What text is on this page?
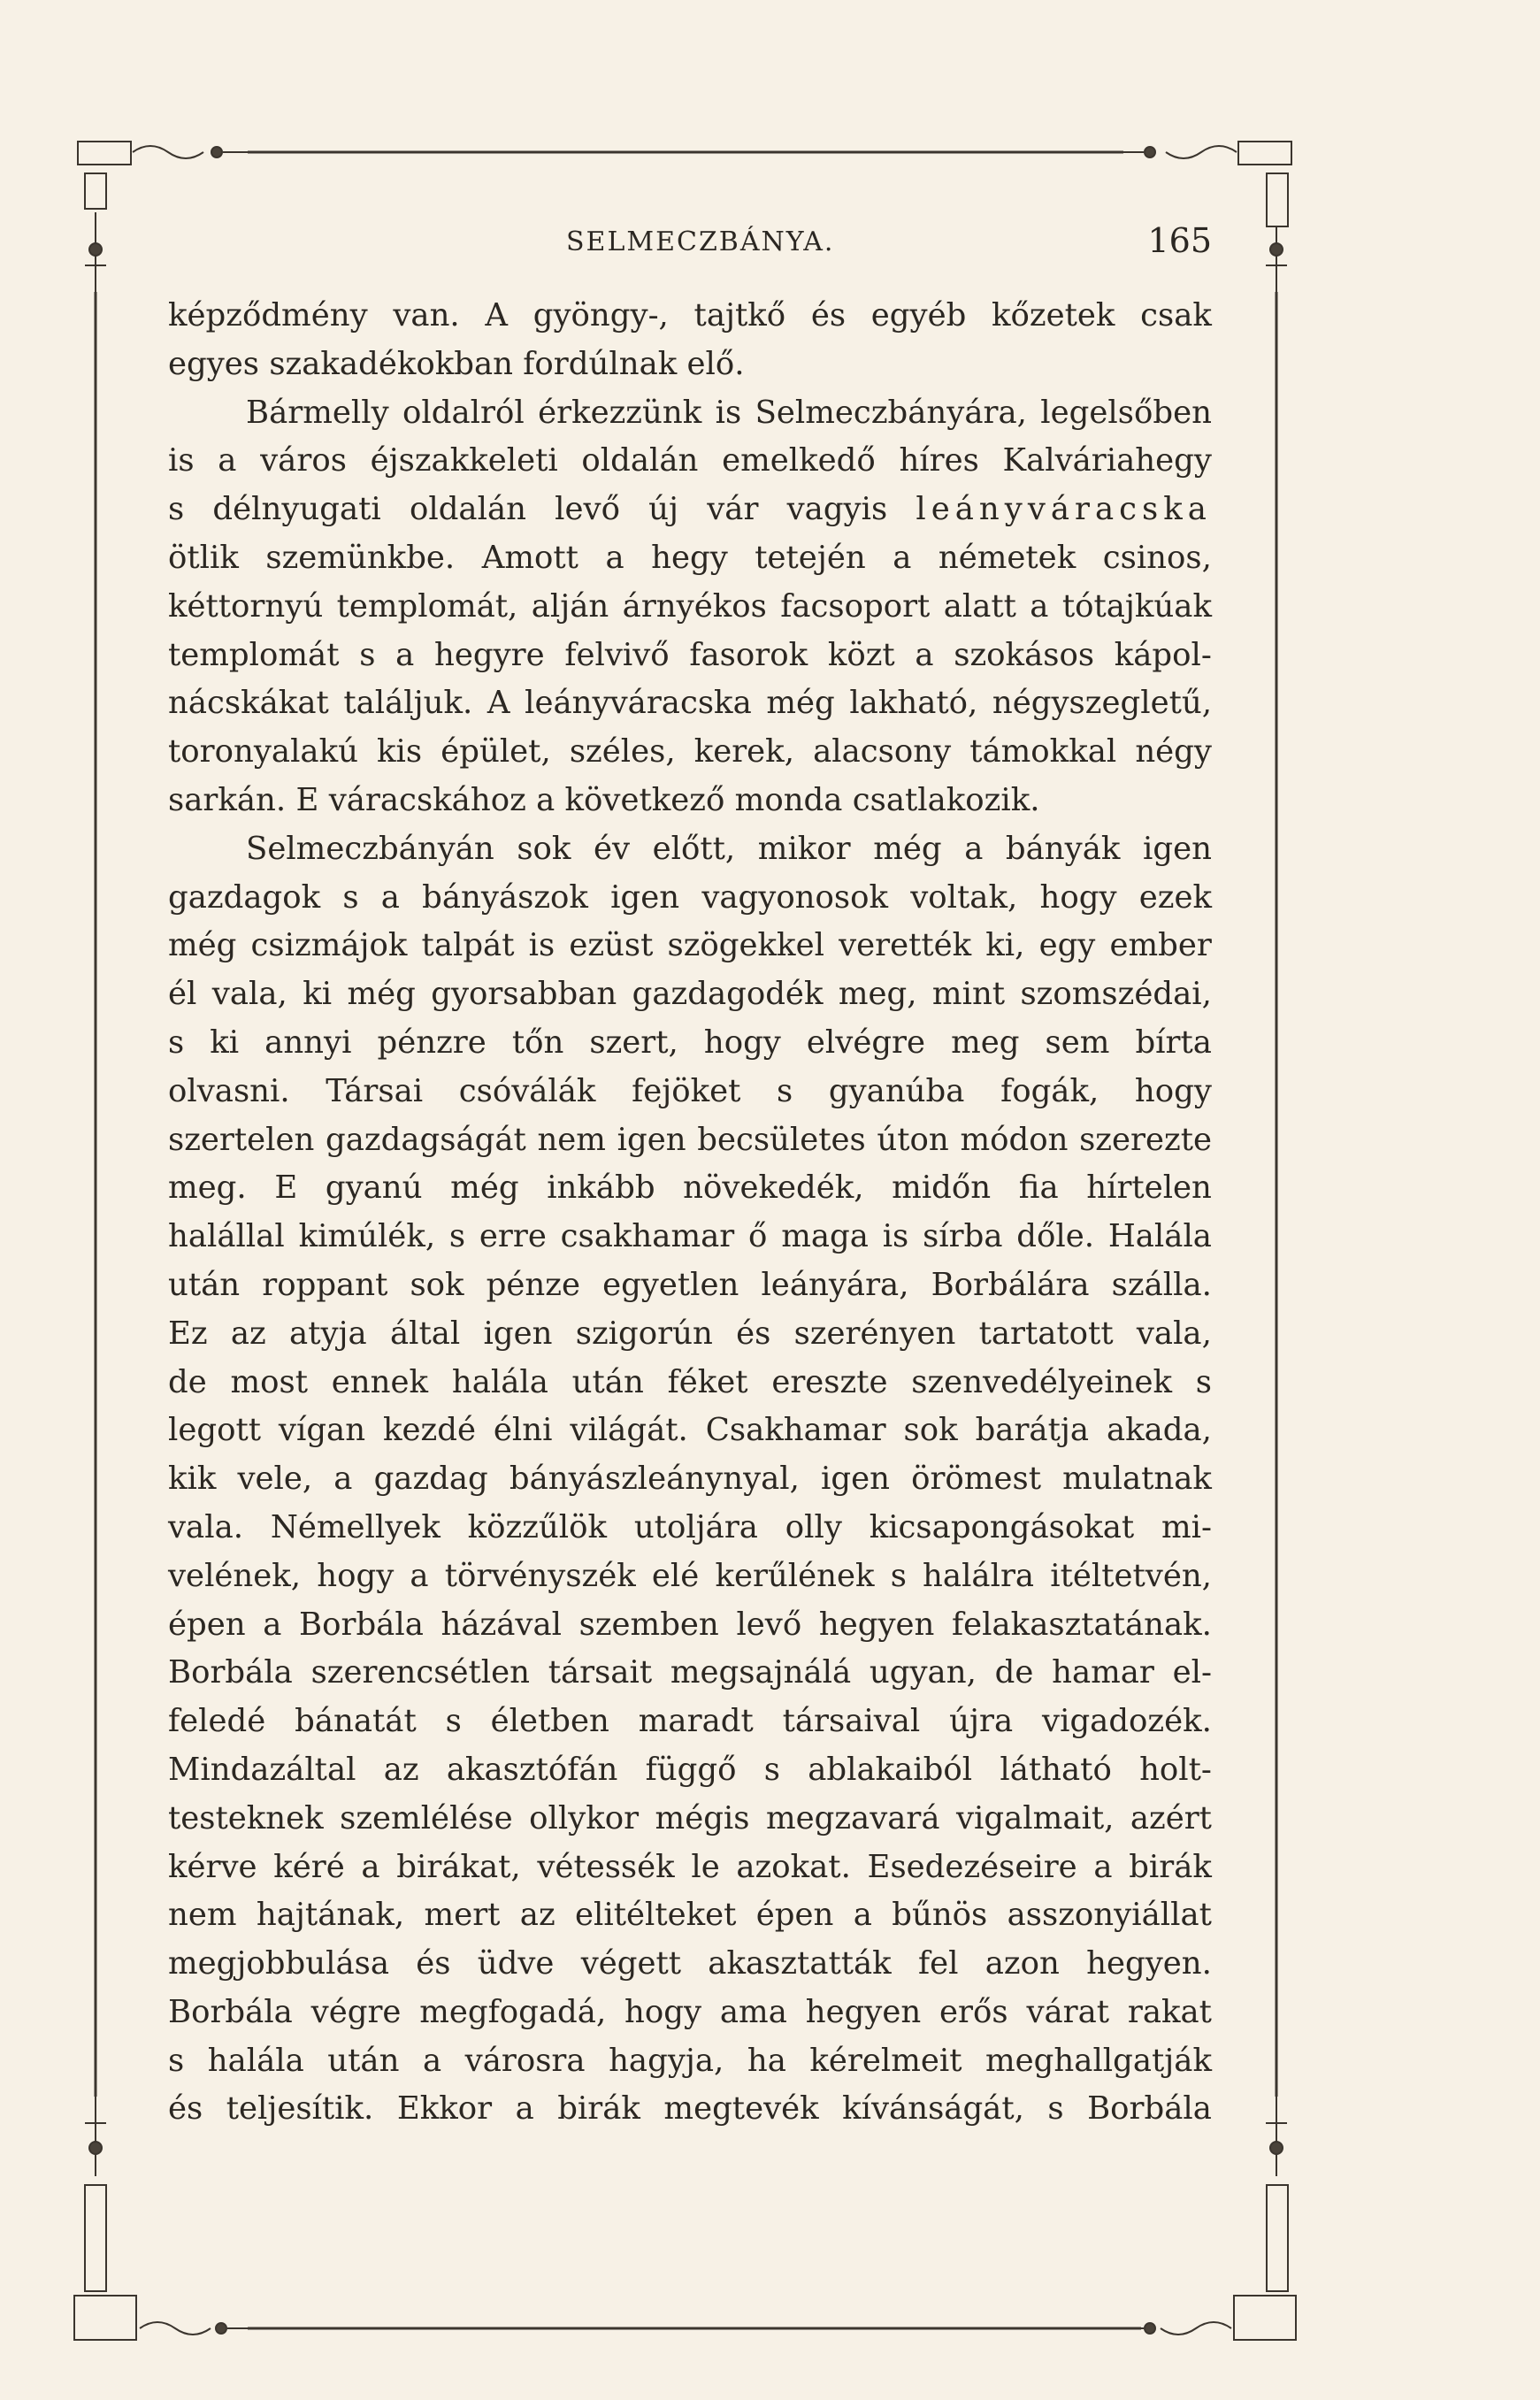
SELMECZBÁNYA.	165
képződmény van. A gyöngy-, tajtkő és egyéb kőzetek csak
egyes
szakadékokban
fordúlnak
elő.
Bármelly oldalról érkezzünk is Selmeczbányára, legelsőben
is a város éjszakkeleti oldalán emelkedő híres Kalváriahegy
s délnyugati oldalán levő új vár vagyis leányváracska
ötlik szemünkbe. Amott a hegy tetején a németek csinos,
kéttornyú templomát, alján árnyékos facsoport alatt a tótajkúak
templomát s a hegyre felvivő fasorok közt a szokásos kápol-
nácskákat találjuk. A leányváracska még lakható, négyszegletű,
toronyalakú kis épület, széles, kerek, alacsony támokkal négy
sarkán.
E
váracskához
a
következő
monda
csatlakozik.
Selmeczbányán sok év előtt, mikor még a bányák igen
gazdagok s a bányászok igen vagyonosok voltak, hogy ezek
még csizmájok talpát is ezüst szögekkel verették ki, egy ember
él vala, ki még gyorsabban gazdagodék meg, mint szomszédai,
s ki annyi pénzre tőn szert, hogy elvégre meg sem bírta
olvasni. Társai csóválák fejöket s gyanúba fogák, hogy
szertelen gazdagságát nem igen becsületes úton módon szerezte
meg. E gyanú még inkább növekedék, midőn fia hírtelen
halállal kimúlék, s erre csakhamar ő maga is sírba dőle. Halála
után roppant sok pénze egyetlen leányára, Borbálára szálla.
Ez az atyja által igen szigorún és szerényen tartatott vala,
de most ennek halála után féket ereszte szenvedélyeinek s
legott vígan kezdé élni világát. Csakhamar sok barátja akada,
kik vele, a gazdag bányászleánynyal, igen örömest mulatnak
vala. Némellyek közzűlök utoljára olly kicsapongásokat mi-
velének, hogy a törvényszék elé kerűlének s halálra itéltetvén,
épen a Borbála házával szemben levő hegyen felakasztatának.
Borbála szerencsétlen társait megsajnálá ugyan, de hamar el-
feledé bánatát s életben maradt társaival újra vigadozék.
Mindazáltal az akasztófán függő s ablakaiból látható holt-
testeknek szemlélése ollykor mégis megzavará vigalmait, azért
kérve kéré a birákat, vétessék le azokat. Esedezéseire a birák
nem hajtának, mert az elitélteket épen a bűnös asszonyiállat
megjobbulása és üdve végett akasztatták fel azon hegyen.
Borbála végre megfogadá, hogy ama hegyen erős várat rakat
s halála után a városra hagyja, ha kérelmeit meghallgatják
és teljesítik. Ekkor a birák megtevék kívánságát, s Borbála
